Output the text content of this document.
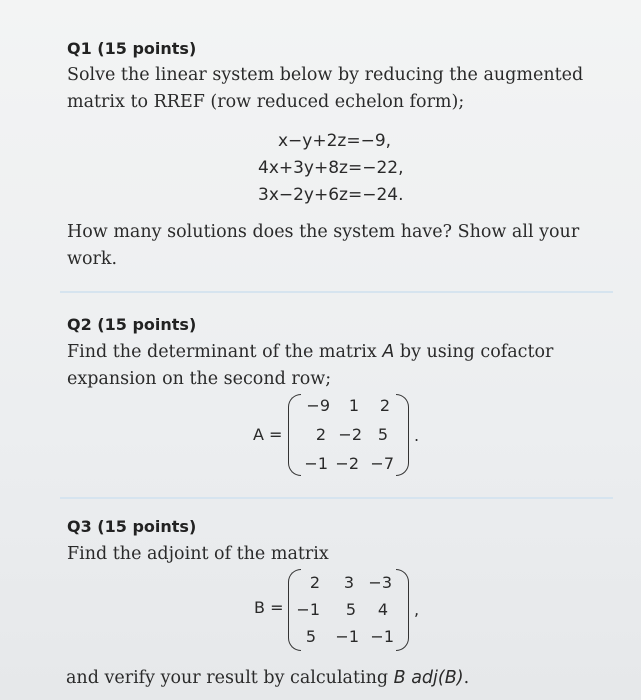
Q1 (15 points)
Solve the linear system below by reducing the augmented
matrix to RREF (row reduced echelon form);
x−y+2z=−9,
4x+3y+8z=−22,
3x−2y+6z=−24.
How many solutions does the system have? Show all your
work.
Q2 (15 points)
Find the determinant of the matrix A by using cofactor
expansion on the second row;
A =
−9	1	2
2 −2 5
−1 −2 −7
.
Q3 (15 points)
Find the adjoint of the matrix
B =
2	3 −3
−1	5	4
5 −1 −1
,
and verify your result by calculating B adj(B).
